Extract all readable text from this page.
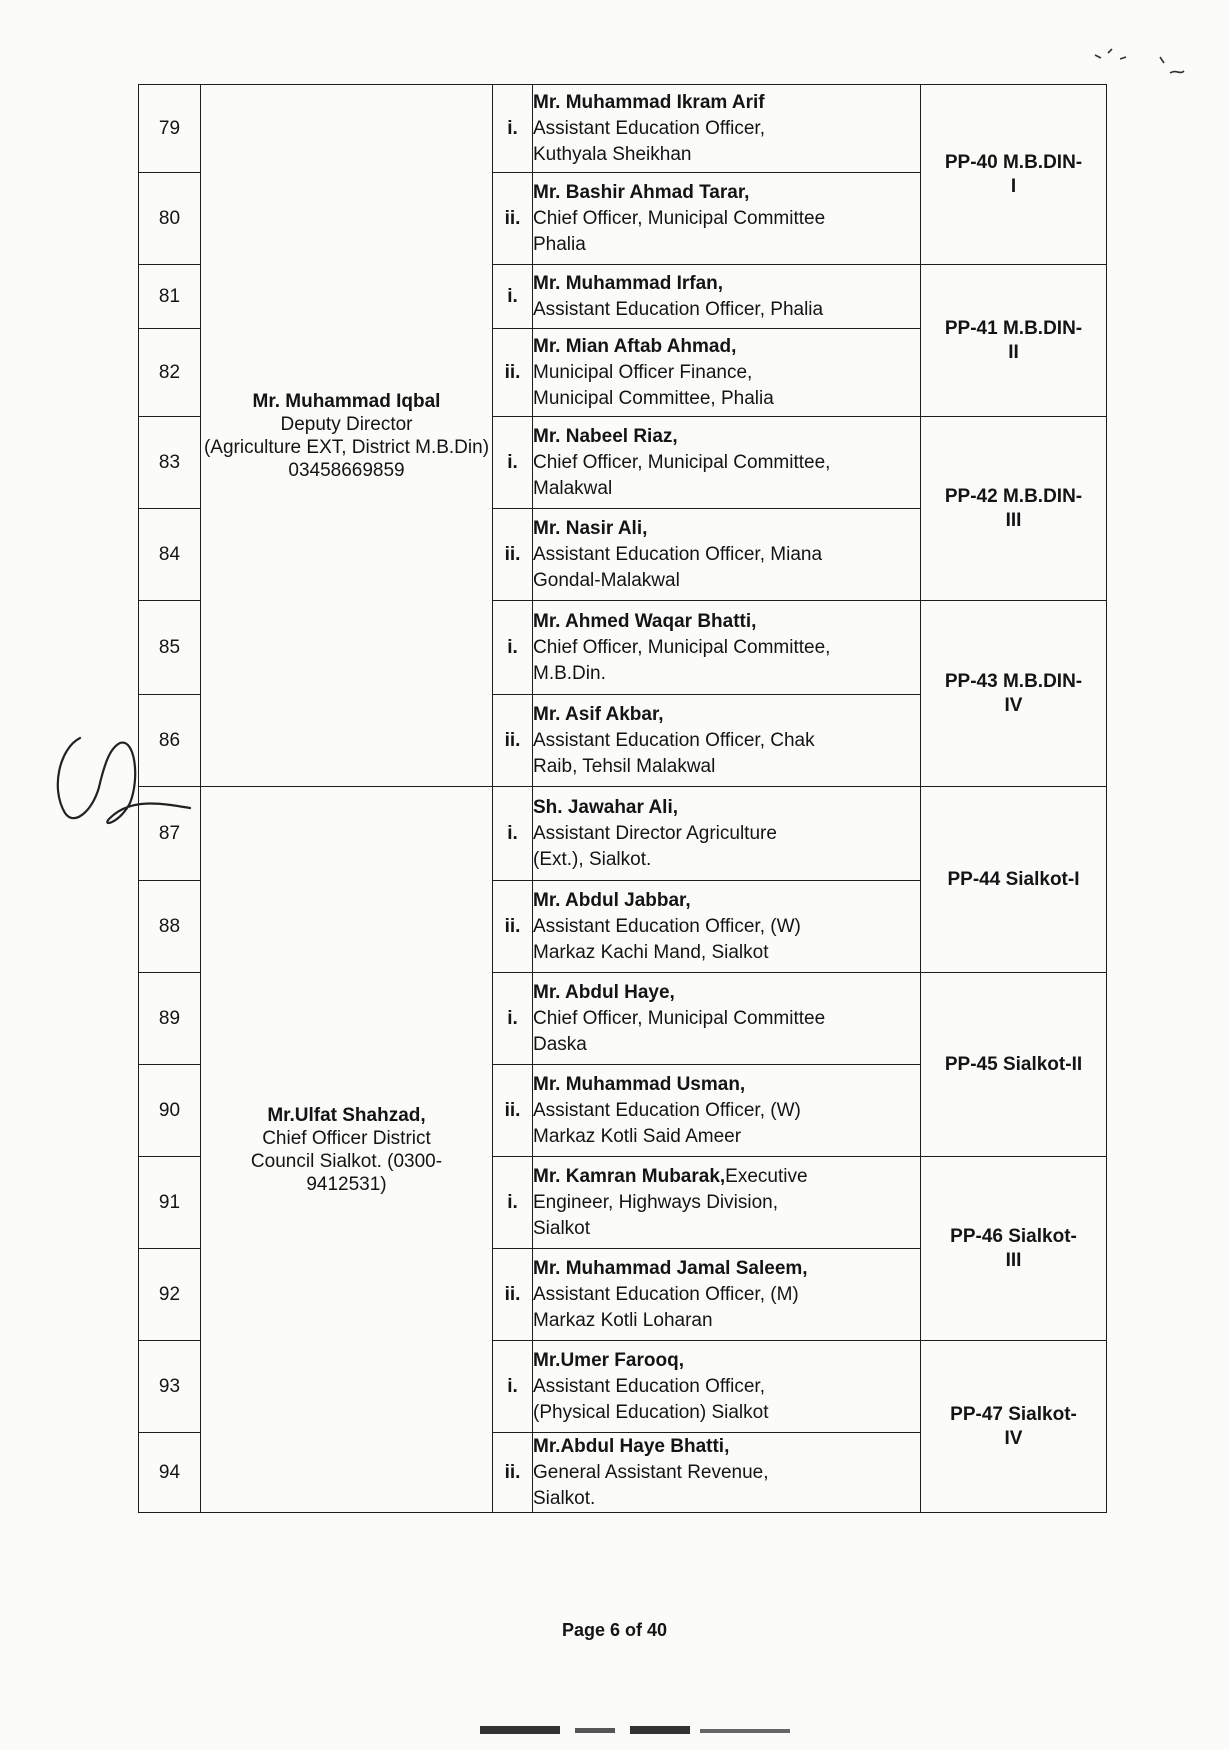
79	Mr. Muhammad Iqbal
Deputy Director
(Agriculture EXT, District M.B.Din)
03458669859	i.	Mr. Muhammad Ikram Arif
Assistant Education Officer,
Kuthyala Sheikhan	PP-40 M.B.DIN-
I
80		ii.	Mr. Bashir Ahmad Tarar,
Chief Officer, Municipal Committee
Phalia	

81		i.	Mr. Muhammad Irfan,
Assistant Education Officer, Phalia	PP-41 M.B.DIN-
II
82		ii.	Mr. Mian Aftab Ahmad,
Municipal Officer Finance,
Municipal Committee, Phalia	

83		i.	Mr. Nabeel Riaz,
Chief Officer, Municipal Committee,
Malakwal	PP-42 M.B.DIN-
III
84		ii.	Mr. Nasir Ali,
Assistant Education Officer, Miana
Gondal-Malakwal	

85		i.	Mr. Ahmed Waqar Bhatti,
Chief Officer, Municipal Committee,
M.B.Din.	PP-43 M.B.DIN-
IV
86		ii.	Mr. Asif Akbar,
Assistant Education Officer, Chak
Raib, Tehsil Malakwal	

87	Mr.Ulfat Shahzad,
Chief Officer District
Council Sialkot. (0300-
9412531)	i.	Sh. Jawahar Ali,
Assistant Director Agriculture
(Ext.), Sialkot.	PP-44 Sialkot-I
88		ii.	Mr. Abdul Jabbar,
Assistant Education Officer, (W)
Markaz Kachi Mand, Sialkot	

89		i.	Mr. Abdul Haye,
Chief Officer, Municipal Committee
Daska	PP-45 Sialkot-II
90		ii.	Mr. Muhammad Usman,
Assistant Education Officer, (W)
Markaz Kotli Said Ameer	

91		i.	Mr. Kamran Mubarak,Executive
Engineer, Highways Division,
Sialkot	PP-46 Sialkot-
III
92		ii.	Mr. Muhammad Jamal Saleem,
Assistant Education Officer, (M)
Markaz Kotli Loharan	

93		i.	Mr.Umer Farooq,
Assistant Education Officer,
(Physical Education) Sialkot	PP-47 Sialkot-
IV
94		ii.	Mr.Abdul Haye Bhatti,
General Assistant Revenue,
Sialkot.	
Page 6 of 40
